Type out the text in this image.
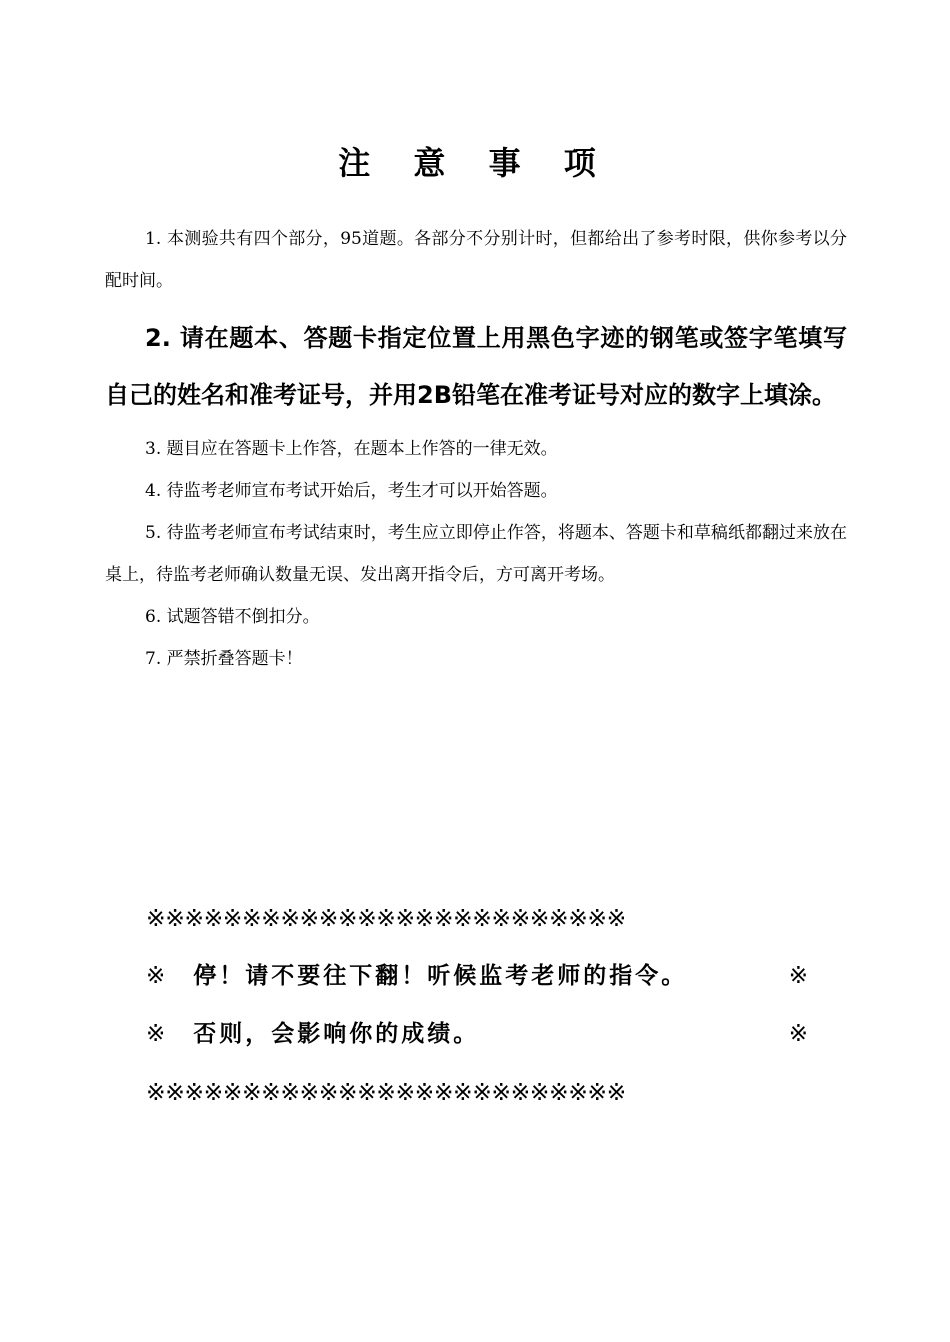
注 意 事 项

1. 本测验共有四个部分，95道题。各部分不分别计时，但都给出了参考时限，供你参考以分配时间。

2. 请在题本、答题卡指定位置上用黑色字迹的钢笔或签字笔填写自己的姓名和准考证号，并用2B铅笔在准考证号对应的数字上填涂。

3. 题目应在答题卡上作答，在题本上作答的一律无效。

4. 待监考老师宣布考试开始后，考生才可以开始答题。

5. 待监考老师宣布考试结束时，考生应立即停止作答，将题本、答题卡和草稿纸都翻过来放在桌上，待监考老师确认数量无误、发出离开指令后，方可离开考场。

6. 试题答错不倒扣分。

7. 严禁折叠答题卡！

※※※※※※※※※※※※※※※※※※※※※※※※※
※	停！请不要往下翻！听候监考老师的指令。	※
※	否则，会影响你的成绩。	※
※※※※※※※※※※※※※※※※※※※※※※※※※
